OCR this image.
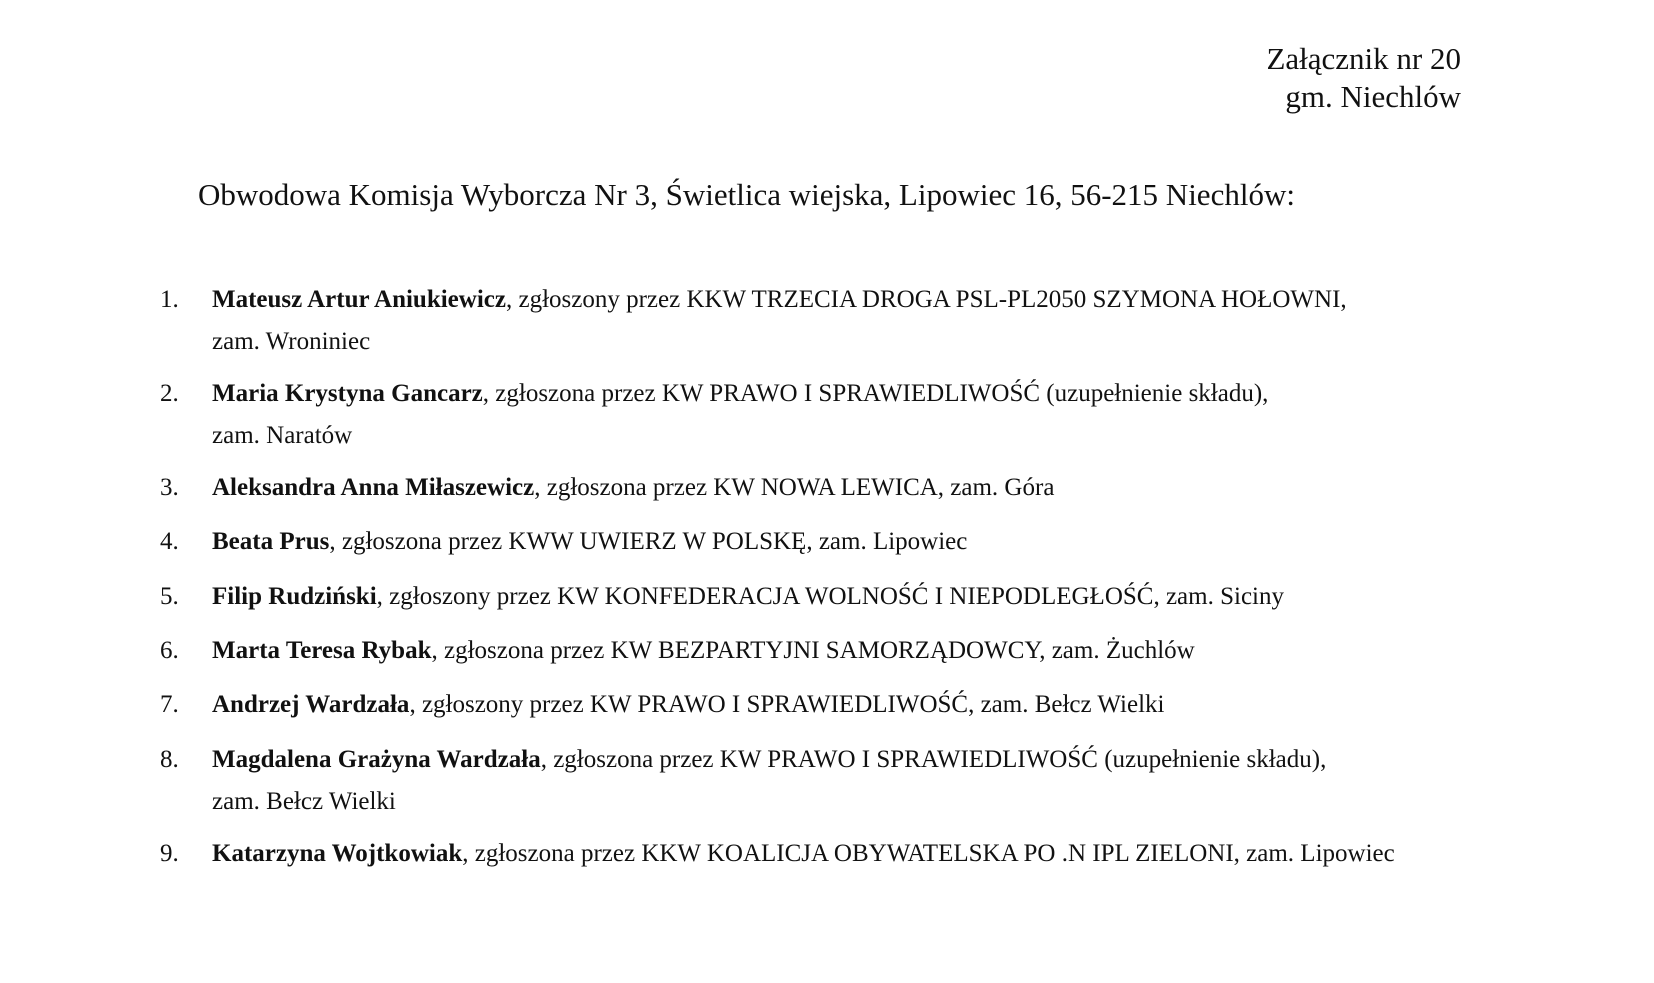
Załącznik nr 20
gm. Niechlów
Obwodowa Komisja Wyborcza Nr 3, Świetlica wiejska, Lipowiec 16, 56-215 Niechlów:
1. Mateusz Artur Aniukiewicz, zgłoszony przez KKW TRZECIA DROGA PSL-PL2050 SZYMONA HOŁOWNI,
zam. Wroniniec
2. Maria Krystyna Gancarz, zgłoszona przez KW PRAWO I SPRAWIEDLIWOŚĆ (uzupełnienie składu),
zam. Naratów
3. Aleksandra Anna Miłaszewicz, zgłoszona przez KW NOWA LEWICA, zam. Góra
4. Beata Prus, zgłoszona przez KWW UWIERZ W POLSKĘ, zam. Lipowiec
5. Filip Rudziński, zgłoszony przez KW KONFEDERACJA WOLNOŚĆ I NIEPODLEGŁOŚĆ, zam. Siciny
6. Marta Teresa Rybak, zgłoszona przez KW BEZPARTYJNI SAMORZĄDOWCY, zam. Żuchlów
7. Andrzej Wardzała, zgłoszony przez KW PRAWO I SPRAWIEDLIWOŚĆ, zam. Bełcz Wielki
8. Magdalena Grażyna Wardzała, zgłoszona przez KW PRAWO I SPRAWIEDLIWOŚĆ (uzupełnienie składu),
zam. Bełcz Wielki
9. Katarzyna Wojtkowiak, zgłoszona przez KKW KOALICJA OBYWATELSKA PO .N IPL ZIELONI, zam. Lipowiec
